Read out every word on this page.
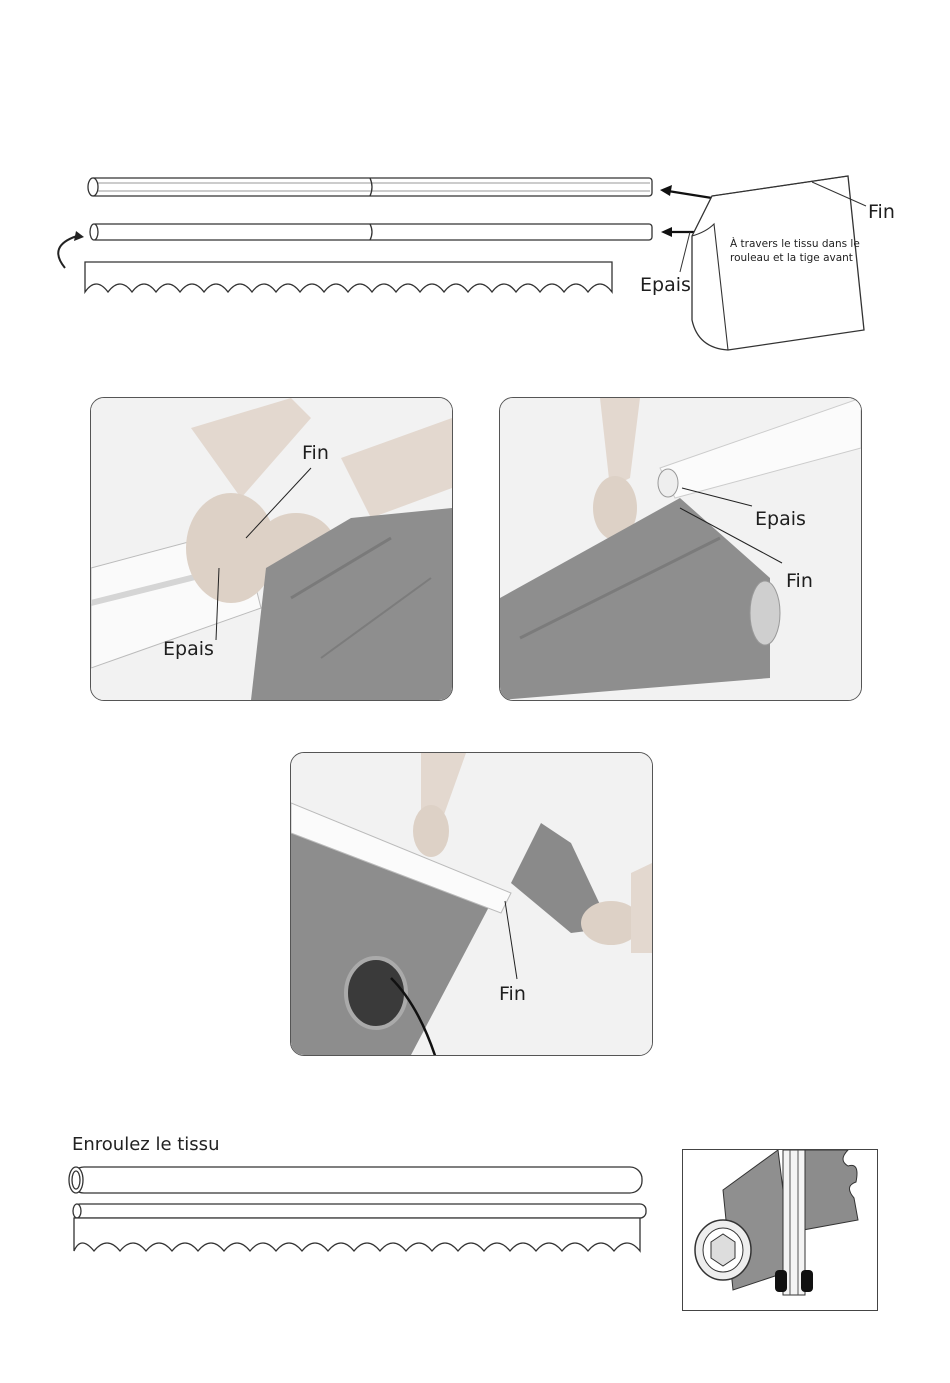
Fin
Epais
À travers le tissu dans le rouleau et la tige avant
Fin
Epais
Epais
Fin
Fin
Enroulez le tissu
